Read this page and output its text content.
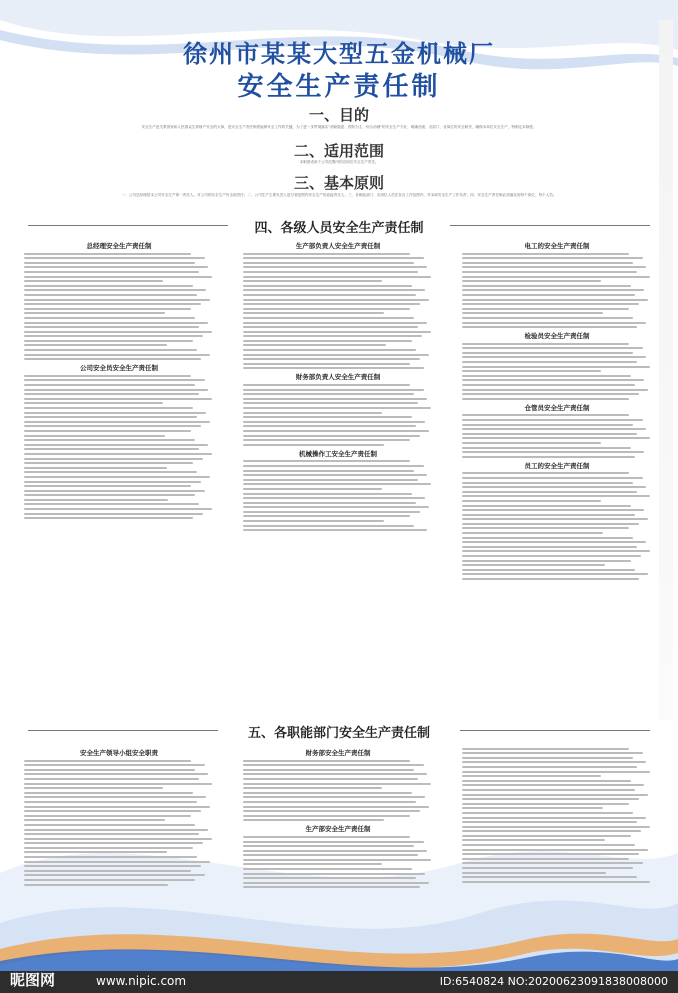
徐州市某某大型五金机械厂
安全生产责任制
一、目的
安全生产是关系国家和人民群众生命财产安全的大事，是安全生产责任制度能够安全工作的关键，为了进一步贯彻落实"消除隐患、预防为主、综合治理"的安全生产方针，明确各级、各部门、各岗位的安全职责，确保本单位安全生产，特制定本制度。
二、适用范围
本制度适用于公司范围内的各岗位安全生产责任。
三、基本原则
一、公司总经理是本公司安全生产第一责任人，对公司的安全生产负全面责任；二、公司生产主要负责人是分管范围内安全生产的直接责任人；三、各职能部门、各岗位人员在各自工作范围内，对本职安全生产工作负责；四、安全生产责任制必须落实到每个岗位、每个人员。
四、各级人员安全生产责任制
总经理安全生产责任制
公司安全员安全生产责任制
生产部负责人安全生产责任制
财务部负责人安全生产责任制
机械操作工安全生产责任制
电工的安全生产责任制
检验员安全生产责任制
仓管员安全生产责任制
员工的安全生产责任制
五、各职能部门安全生产责任制
安全生产领导小组安全职责	财务部安全生产责任制
生产部安全生产责任制
昵图网	www.nipic.com	ID:6540824 NO:20200623091838008000
